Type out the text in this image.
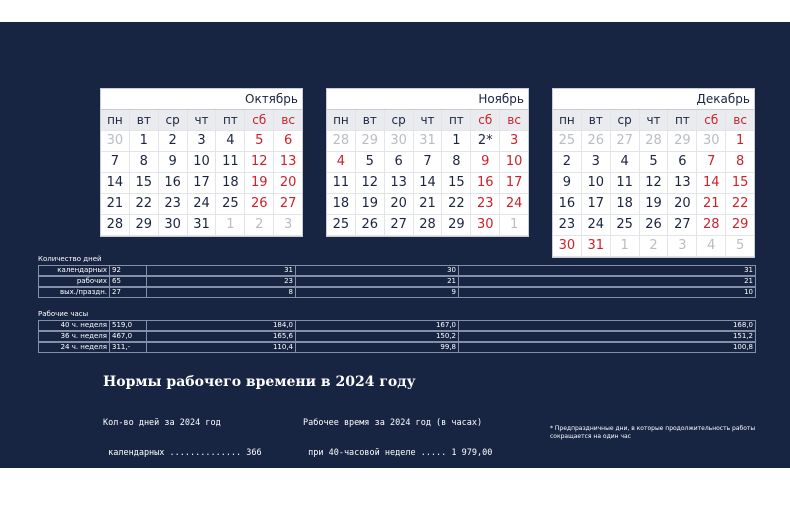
Октябрь
пн	вт	ср	чт	пт	сб	вс
30	1	2	3	4	5	6
7	8	9	10 11 12 13
14 15 16 17 18 19 20
21 22 23 24 25 26 27
28 29 30 31	1	2	3
Ноябрь
пн	вт	ср	чт	пт	сб	вс
28 29 30 31	1	2*	3
4	5	6	7	8	9	10
11 12 13 14 15 16 17
18 19 20 21 22 23 24
25 26 27 28 29 30	1
Декабрь
пн	вт	ср	чт	пт	сб	вс
25 26 27 28 29 30	1
2	3	4	5	6	7	8
9	10 11 12 13 14 15
16 17 18 19 20 21 22
23 24 25 26 27 28 29
30 31	1	2	3	4	5
Количество дней
календарных 92	31	30	31
рабочих 65	23	21	21
вых./праздн. 27	8	9	10
Рабочие часы
40 ч. неделя 519,0	184,0	167,0	168,0
36 ч. неделя 467,0	165,6	150,2	151,2
24 ч. неделя 311,-	110,4	99,8	100,8
Нормы рабочего времени в 2024 году

Кол-во дней за 2024 год

календарных .............. 366

рабочие дни  ............. 248

выходных/праздничных .... 118

Рабочее время за 2024 год (в часах)

при 40-часовой неделе ..... 1 979,00

при 36-часовой неделе ..... 1 780,60

при 24-часовой неделе ..... 1 185,40

* Предпраздничные дни, в которые продолжительность работы сокращается на один час
